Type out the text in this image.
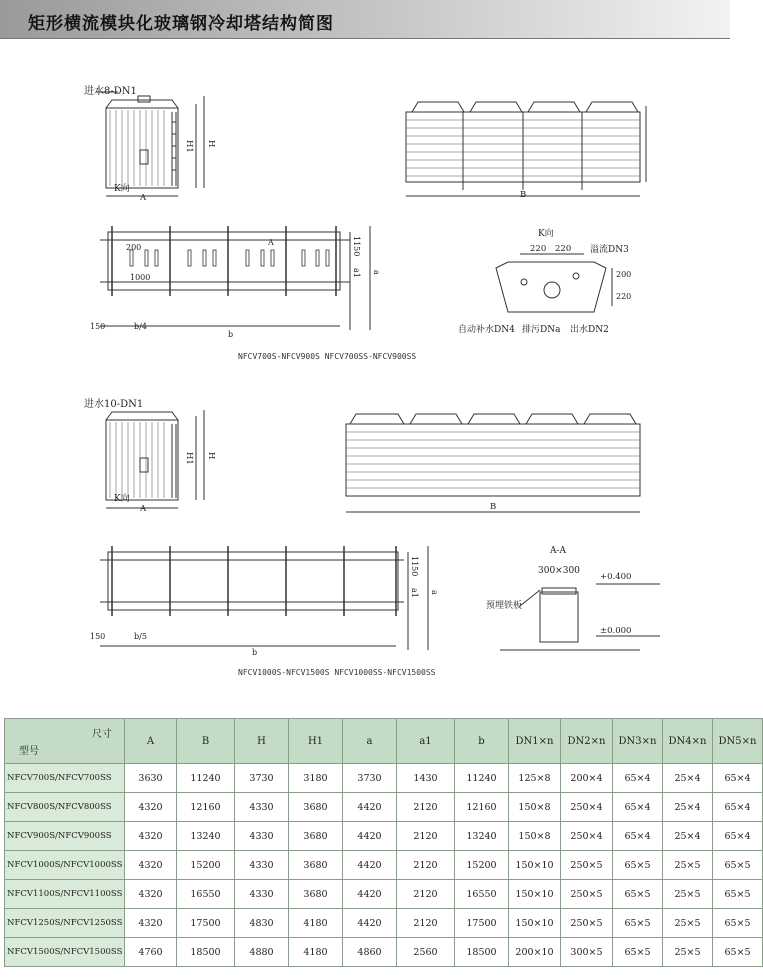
矩形横流模块化玻璃钢冷却塔结构简图
进水8-DN1
K向
A
H1 H
B
200
1000
A
150	b/4
b
1150
a1 a
NFCV700S-NFCV900S NFCV700SS-NFCV900SS
K向
220 220 溢流DN3
220
200
自动补水DN4 排污DNa 出水DN2
进水10-DN1
K向
A
H1 H
B
150	b/5
b
1150
a1 a
NFCV1000S-NFCV1500S NFCV1000SS-NFCV1500SS
A-A
300×300
+0.400
±0.000
预埋铁板
尺寸
型号	A	B	H	H1	a	a1	b	DN1×n	DN2×n	DN3×n	DN4×n	DN5×n
NFCV700S/NFCV700SS	3630	11240	3730	3180	3730	1430	11240	125×8	200×4	65×4	25×4	65×4
NFCV800S/NFCV800SS	4320	12160	4330	3680	4420	2120	12160	150×8	250×4	65×4	25×4	65×4
NFCV900S/NFCV900SS	4320	13240	4330	3680	4420	2120	13240	150×8	250×4	65×4	25×4	65×4
NFCV1000S/NFCV1000SS	4320	15200	4330	3680	4420	2120	15200	150×10	250×5	65×5	25×5	65×5
NFCV1100S/NFCV1100SS	4320	16550	4330	3680	4420	2120	16550	150×10	250×5	65×5	25×5	65×5
NFCV1250S/NFCV1250SS	4320	17500	4830	4180	4420	2120	17500	150×10	250×5	65×5	25×5	65×5
NFCV1500S/NFCV1500SS	4760	18500	4880	4180	4860	2560	18500	200×10	300×5	65×5	25×5	65×5
